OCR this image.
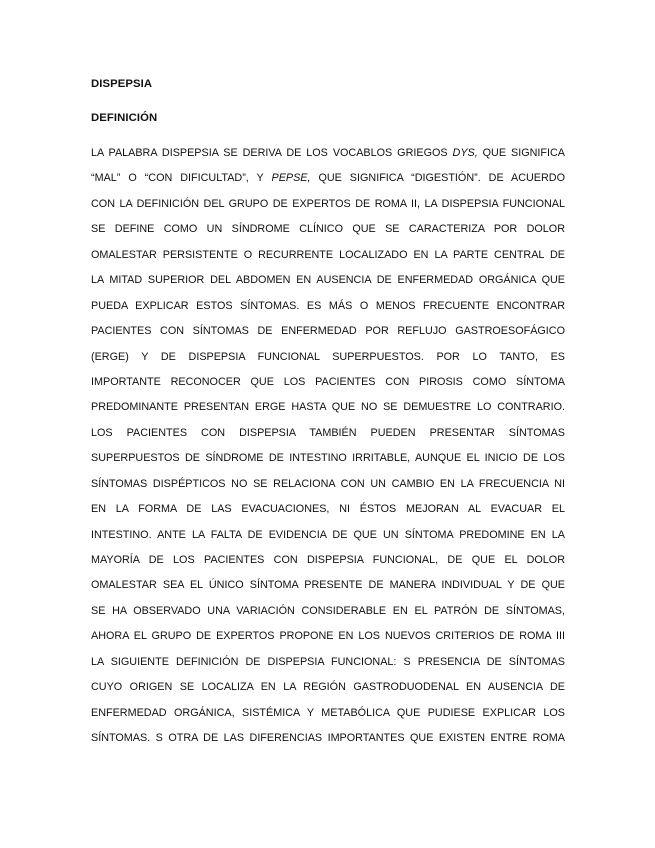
DISPEPSIA
DEFINICIÓN
LA PALABRA DISPEPSIA SE DERIVA DE LOS VOCABLOS GRIEGOS DYS, QUE SIGNIFICA
“MAL” O “CON DIFICULTAD”, Y PEPSE, QUE SIGNIFICA “DIGESTIÓN”. DE ACUERDO
CON LA DEFINICIÓN DEL GRUPO DE EXPERTOS DE ROMA II, LA DISPEPSIA FUNCIONAL
SE DEFINE COMO UN SÍNDROME CLÍNICO QUE SE CARACTERIZA POR DOLOR
OMALESTAR PERSISTENTE O RECURRENTE LOCALIZADO EN LA PARTE CENTRAL DE
LA MITAD SUPERIOR DEL ABDOMEN EN AUSENCIA DE ENFERMEDAD ORGÁNICA QUE
PUEDA EXPLICAR ESTOS SÍNTOMAS. ES MÁS O MENOS FRECUENTE ENCONTRAR
PACIENTES CON SÍNTOMAS DE ENFERMEDAD POR REFLUJO GASTROESOFÁGICO
(ERGE) Y DE DISPEPSIA FUNCIONAL SUPERPUESTOS. POR LO TANTO, ES
IMPORTANTE RECONOCER QUE LOS PACIENTES CON PIROSIS COMO SÍNTOMA
PREDOMINANTE PRESENTAN ERGE HASTA QUE NO SE DEMUESTRE LO CONTRARIO.
LOS PACIENTES CON DISPEPSIA TAMBIÉN PUEDEN PRESENTAR SÍNTOMAS
SUPERPUESTOS DE SÍNDROME DE INTESTINO IRRITABLE, AUNQUE EL INICIO DE LOS
SÍNTOMAS DISPÉPTICOS NO SE RELACIONA CON UN CAMBIO EN LA FRECUENCIA NI
EN LA FORMA DE LAS EVACUACIONES, NI ÉSTOS MEJORAN AL EVACUAR EL
INTESTINO. ANTE LA FALTA DE EVIDENCIA DE QUE UN SÍNTOMA PREDOMINE EN LA
MAYORÍA DE LOS PACIENTES CON DISPEPSIA FUNCIONAL, DE QUE EL DOLOR
OMALESTAR SEA EL ÚNICO SÍNTOMA PRESENTE DE MANERA INDIVIDUAL Y DE QUE
SE HA OBSERVADO UNA VARIACIÓN CONSIDERABLE EN EL PATRÓN DE SÍNTOMAS,
AHORA EL GRUPO DE EXPERTOS PROPONE EN LOS NUEVOS CRITERIOS DE ROMA III
LA SIGUIENTE DEFINICIÓN DE DISPEPSIA FUNCIONAL: S PRESENCIA DE SÍNTOMAS
CUYO ORIGEN SE LOCALIZA EN LA REGIÓN GASTRODUODENAL EN AUSENCIA DE
ENFERMEDAD ORGÁNICA, SISTÉMICA Y METABÓLICA QUE PUDIESE EXPLICAR LOS
SÍNTOMAS. S OTRA DE LAS DIFERENCIAS IMPORTANTES QUE EXISTEN ENTRE ROMA
